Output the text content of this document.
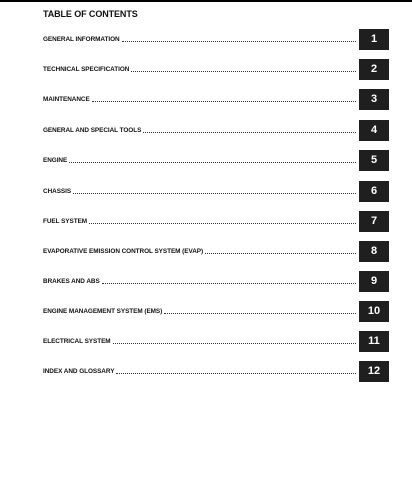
TABLE OF CONTENTS
GENERAL INFORMATION	1
TECHNICAL SPECIFICATION	2
MAINTENANCE	3
GENERAL AND SPECIAL TOOLS	4
ENGINE	5
CHASSIS	6
FUEL SYSTEM	7
EVAPORATIVE EMISSION CONTROL SYSTEM (EVAP)	8
BRAKES AND ABS	9
ENGINE MANAGEMENT SYSTEM (EMS)	10
ELECTRICAL SYSTEM	11
INDEX AND GLOSSARY	12
